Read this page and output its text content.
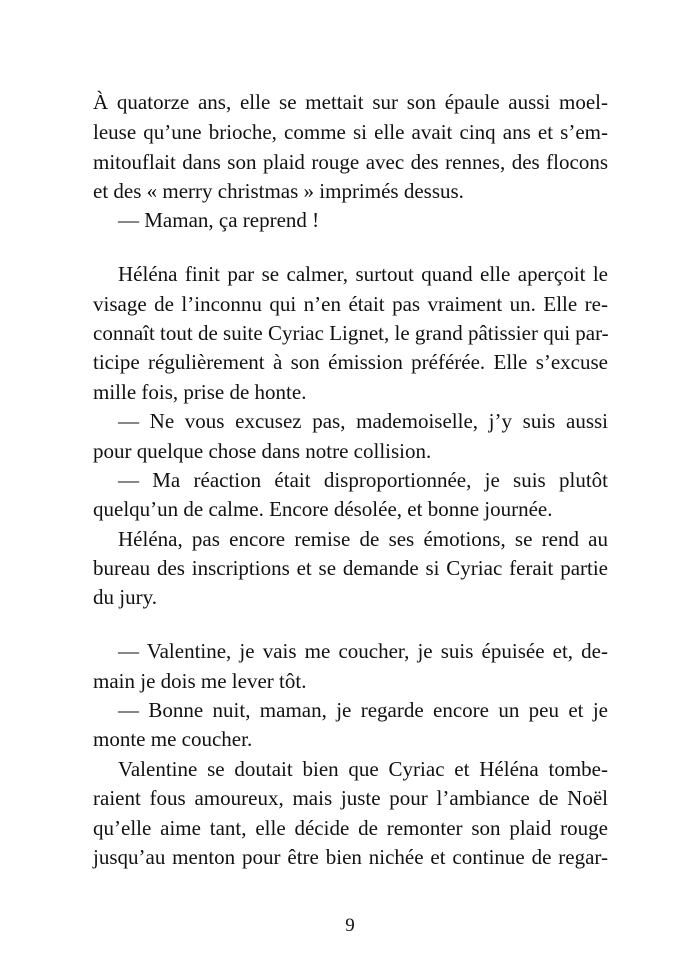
À quatorze ans, elle se mettait sur son épaule aussi moel-
leuse qu’une brioche, comme si elle avait cinq ans et s’em-
mitouflait dans son plaid rouge avec des rennes, des flocons
et des « merry christmas » imprimés dessus.
— Maman, ça reprend !
Héléna finit par se calmer, surtout quand elle aperçoit le
visage de l’inconnu qui n’en était pas vraiment un. Elle re-
connaît tout de suite Cyriac Lignet, le grand pâtissier qui par-
ticipe régulièrement à son émission préférée. Elle s’excuse
mille fois, prise de honte.
— Ne vous excusez pas, mademoiselle, j’y suis aussi
pour quelque chose dans notre collision.
— Ma réaction était disproportionnée, je suis plutôt
quelqu’un de calme. Encore désolée, et bonne journée.
Héléna, pas encore remise de ses émotions, se rend au
bureau des inscriptions et se demande si Cyriac ferait partie
du jury.
— Valentine, je vais me coucher, je suis épuisée et, de-
main je dois me lever tôt.
— Bonne nuit, maman, je regarde encore un peu et je
monte me coucher.
Valentine se doutait bien que Cyriac et Héléna tombe-
raient fous amoureux, mais juste pour l’ambiance de Noël
qu’elle aime tant, elle décide de remonter son plaid rouge
jusqu’au menton pour être bien nichée et continue de regar-
9
